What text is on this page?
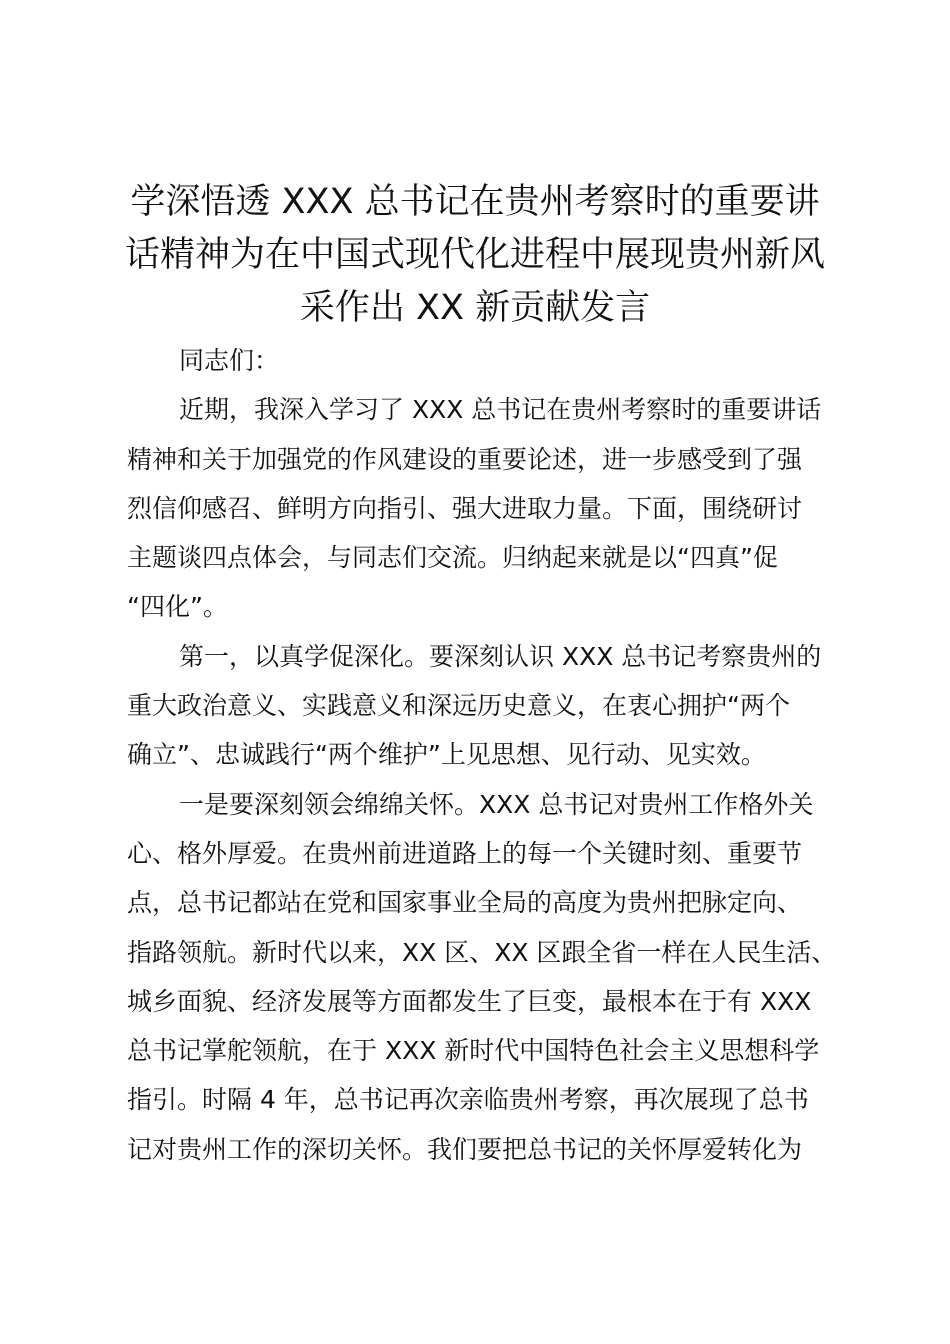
学深悟透 XXX 总书记在贵州考察时的重要讲
话精神为在中国式现代化进程中展现贵州新风
采作出 XX 新贡献发言
同志们：
近期，我深入学习了 XXX 总书记在贵州考察时的重要讲话
精神和关于加强党的作风建设的重要论述，进一步感受到了强
烈信仰感召、鲜明方向指引、强大进取力量。下面，围绕研讨
主题谈四点体会，与同志们交流。归纳起来就是以“四真”促
“四化”。
第一，以真学促深化。要深刻认识 XXX 总书记考察贵州的
重大政治意义、实践意义和深远历史意义，在衷心拥护“两个
确立”、忠诚践行“两个维护”上见思想、见行动、见实效。
一是要深刻领会绵绵关怀。XXX 总书记对贵州工作格外关
心、格外厚爱。在贵州前进道路上的每一个关键时刻、重要节
点，总书记都站在党和国家事业全局的高度为贵州把脉定向、
指路领航。新时代以来，XX 区、XX 区跟全省一样在人民生活、
城乡面貌、经济发展等方面都发生了巨变，最根本在于有 XXX
总书记掌舵领航，在于 XXX 新时代中国特色社会主义思想科学
指引。时隔 4 年，总书记再次亲临贵州考察，再次展现了总书
记对贵州工作的深切关怀。我们要把总书记的关怀厚爱转化为
